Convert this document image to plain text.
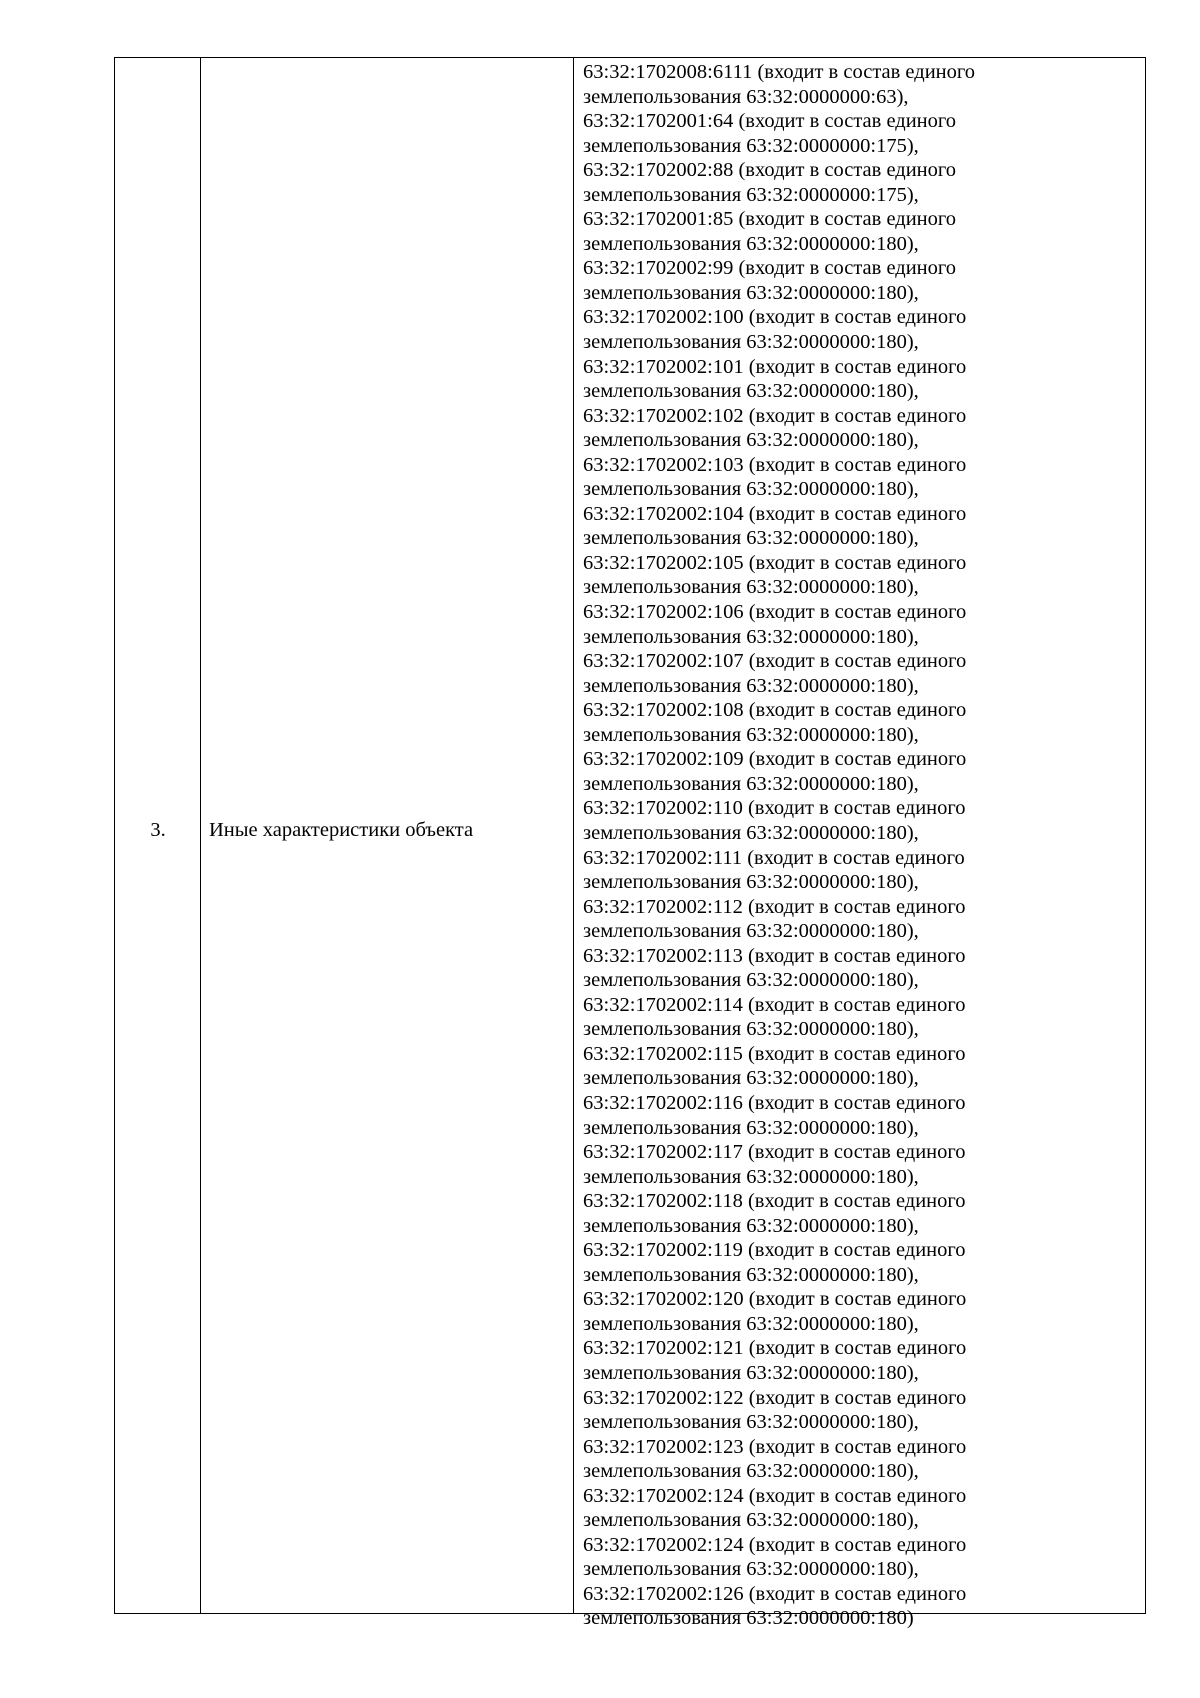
3.	Иные характеристики объекта
63:32:1702008:6111 (входит в состав единого
землепользования 63:32:0000000:63),
63:32:1702001:64 (входит в состав единого
землепользования 63:32:0000000:175),
63:32:1702002:88 (входит в состав единого
землепользования 63:32:0000000:175),
63:32:1702001:85 (входит в состав единого
землепользования 63:32:0000000:180),
63:32:1702002:99 (входит в состав единого
землепользования 63:32:0000000:180),
63:32:1702002:100 (входит в состав единого
землепользования 63:32:0000000:180),
63:32:1702002:101 (входит в состав единого
землепользования 63:32:0000000:180),
63:32:1702002:102 (входит в состав единого
землепользования 63:32:0000000:180),
63:32:1702002:103 (входит в состав единого
землепользования 63:32:0000000:180),
63:32:1702002:104 (входит в состав единого
землепользования 63:32:0000000:180),
63:32:1702002:105 (входит в состав единого
землепользования 63:32:0000000:180),
63:32:1702002:106 (входит в состав единого
землепользования 63:32:0000000:180),
63:32:1702002:107 (входит в состав единого
землепользования 63:32:0000000:180),
63:32:1702002:108 (входит в состав единого
землепользования 63:32:0000000:180),
63:32:1702002:109 (входит в состав единого
землепользования 63:32:0000000:180),
63:32:1702002:110 (входит в состав единого
землепользования 63:32:0000000:180),
63:32:1702002:111 (входит в состав единого
землепользования 63:32:0000000:180),
63:32:1702002:112 (входит в состав единого
землепользования 63:32:0000000:180),
63:32:1702002:113 (входит в состав единого
землепользования 63:32:0000000:180),
63:32:1702002:114 (входит в состав единого
землепользования 63:32:0000000:180),
63:32:1702002:115 (входит в состав единого
землепользования 63:32:0000000:180),
63:32:1702002:116 (входит в состав единого
землепользования 63:32:0000000:180),
63:32:1702002:117 (входит в состав единого
землепользования 63:32:0000000:180),
63:32:1702002:118 (входит в состав единого
землепользования 63:32:0000000:180),
63:32:1702002:119 (входит в состав единого
землепользования 63:32:0000000:180),
63:32:1702002:120 (входит в состав единого
землепользования 63:32:0000000:180),
63:32:1702002:121 (входит в состав единого
землепользования 63:32:0000000:180),
63:32:1702002:122 (входит в состав единого
землепользования 63:32:0000000:180),
63:32:1702002:123 (входит в состав единого
землепользования 63:32:0000000:180),
63:32:1702002:124 (входит в состав единого
землепользования 63:32:0000000:180),
63:32:1702002:124 (входит в состав единого
землепользования 63:32:0000000:180),
63:32:1702002:126 (входит в состав единого
землепользования 63:32:0000000:180)
